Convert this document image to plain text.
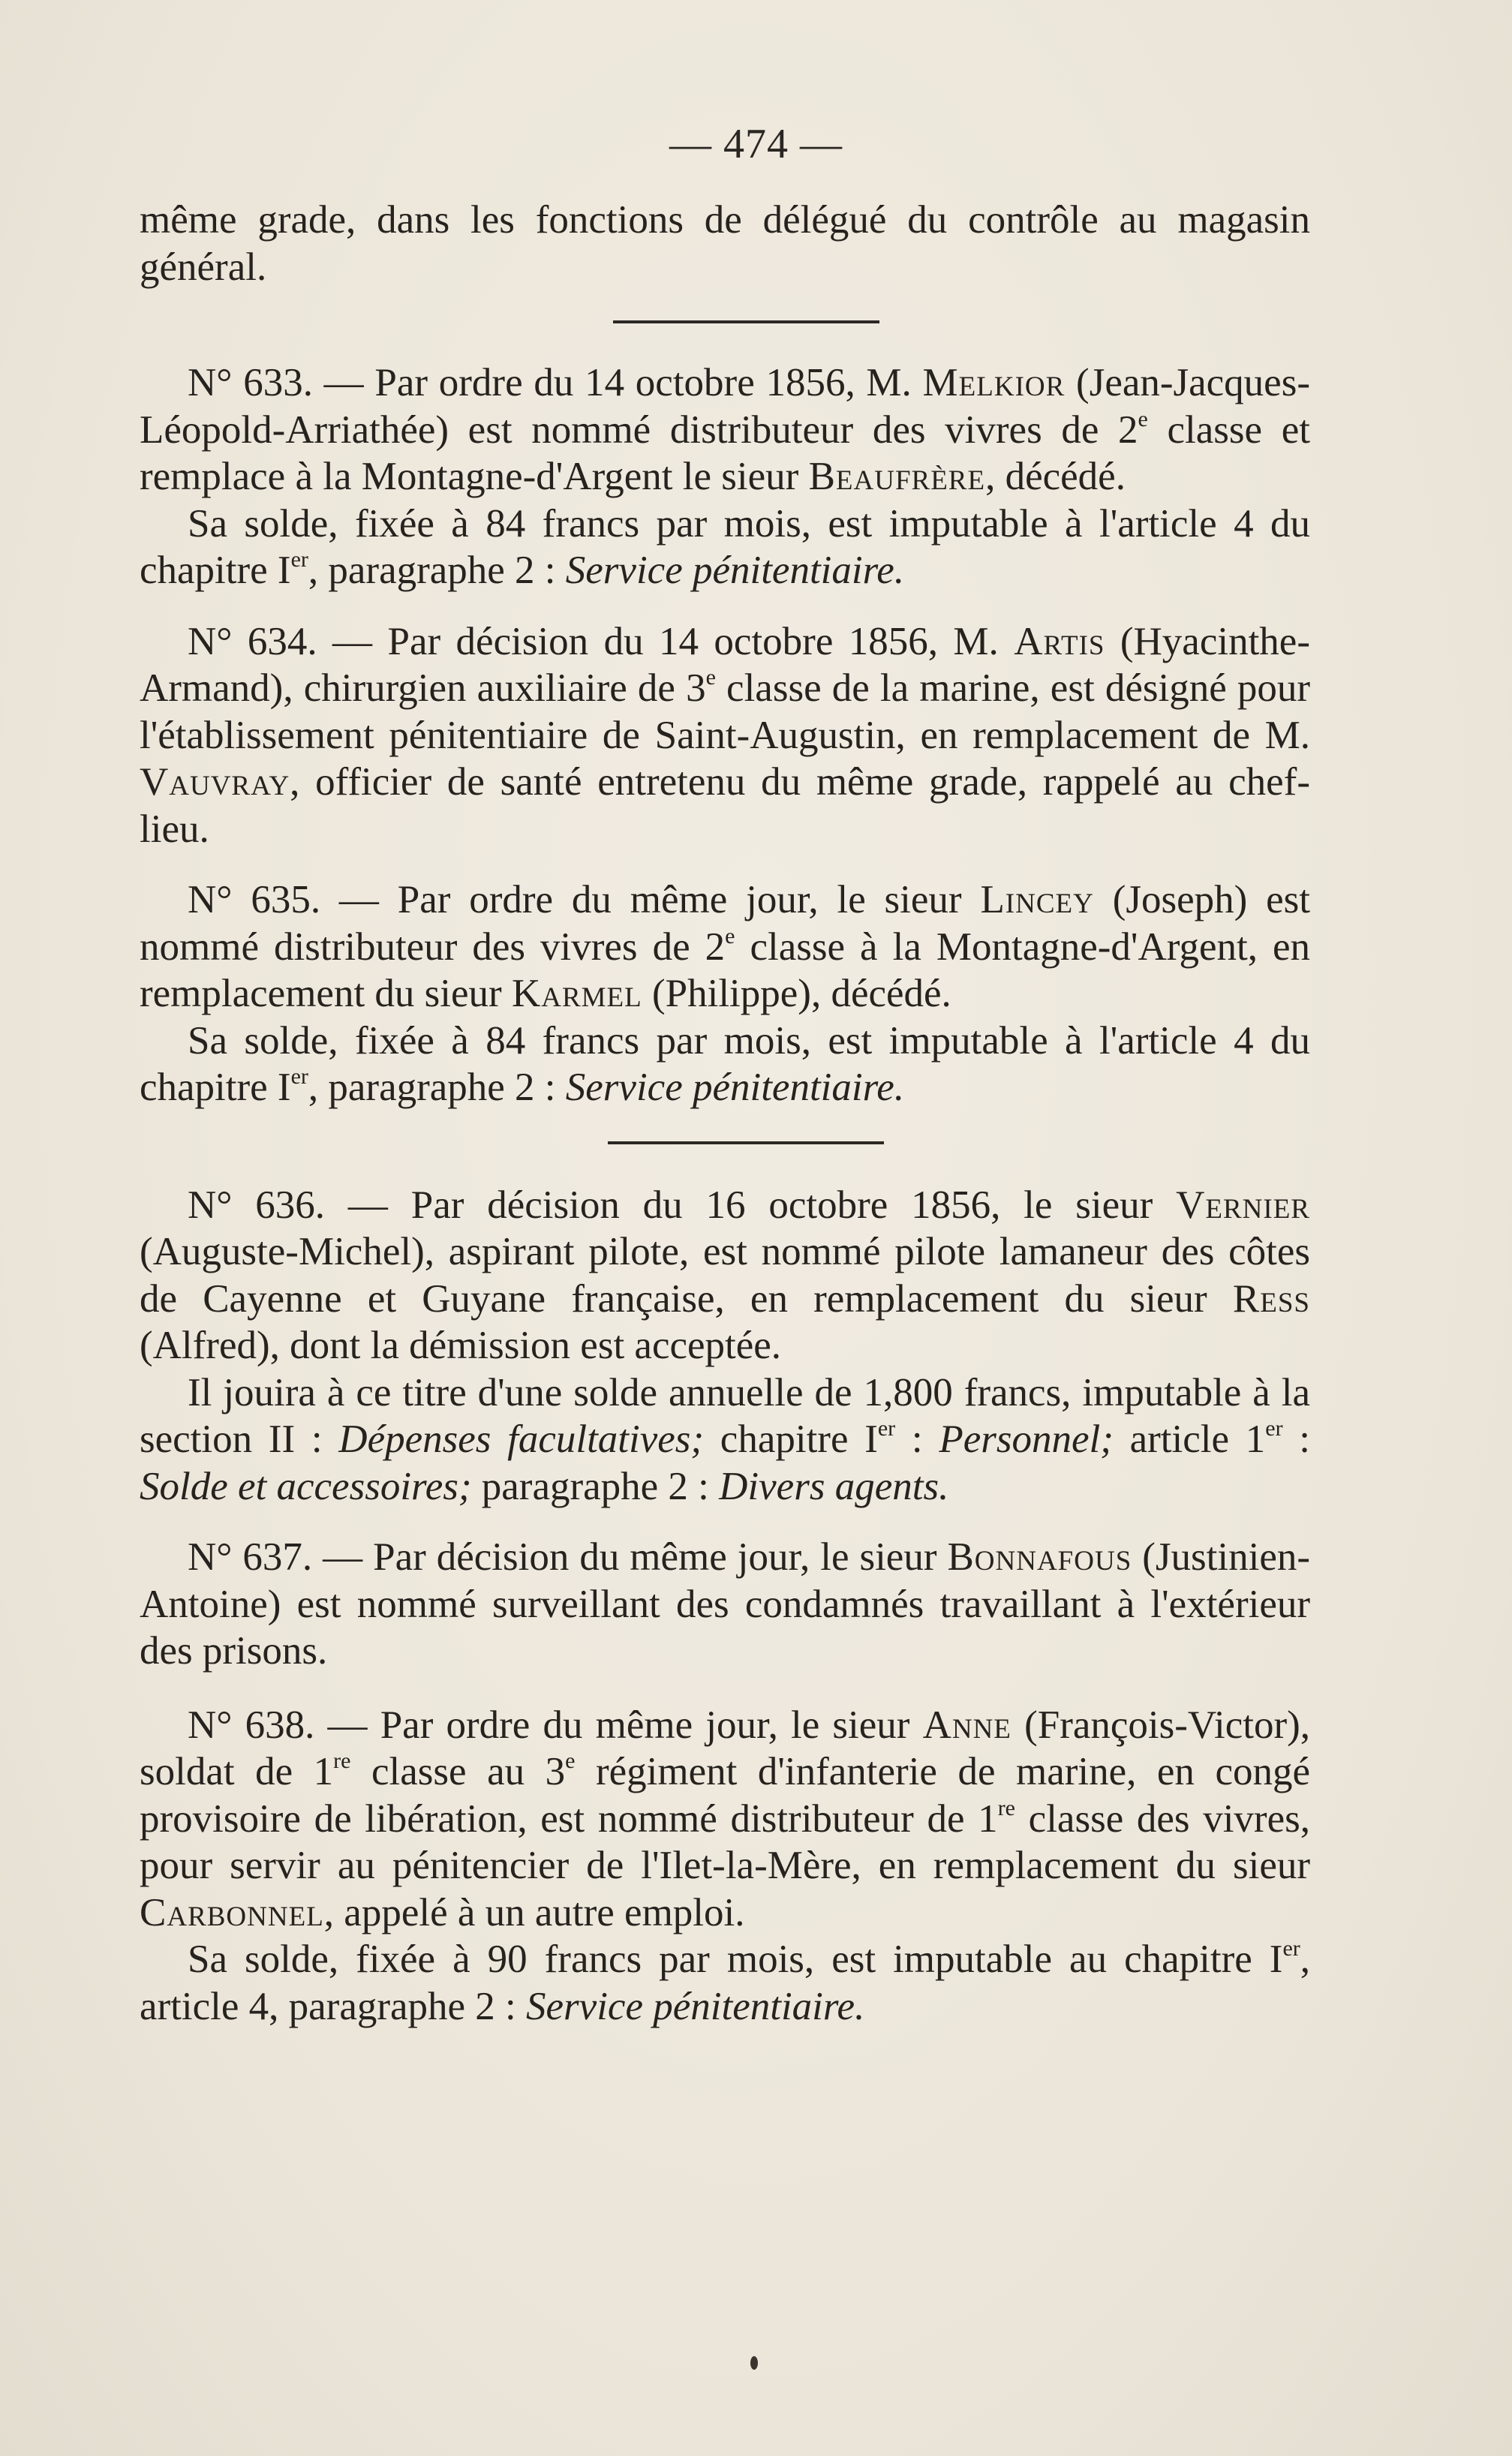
— 474 —

même grade, dans les fonctions de délégué du contrôle au magasin général.

N° 633. — Par ordre du 14 octobre 1856, M. Melkior (Jean-Jacques-Léopold-Arriathée) est nommé distributeur des vivres de 2e classe et remplace à la Montagne-d'Argent le sieur Beaufrère, décédé.

Sa solde, fixée à 84 francs par mois, est imputable à l'article 4 du chapitre Ier, paragraphe 2 : Service pénitentiaire.

N° 634. — Par décision du 14 octobre 1856, M. Artis (Hyacinthe-Armand), chirurgien auxiliaire de 3e classe de la marine, est désigné pour l'établissement pénitentiaire de Saint-Augustin, en remplacement de M. Vauvray, officier de santé entretenu du même grade, rappelé au chef-lieu.

N° 635. — Par ordre du même jour, le sieur Lincey (Joseph) est nommé distributeur des vivres de 2e classe à la Montagne-d'Argent, en remplacement du sieur Karmel (Philippe), décédé.

Sa solde, fixée à 84 francs par mois, est imputable à l'article 4 du chapitre Ier, paragraphe 2 : Service pénitentiaire.

N° 636. — Par décision du 16 octobre 1856, le sieur Vernier (Auguste-Michel), aspirant pilote, est nommé pilote lamaneur des côtes de Cayenne et Guyane française, en remplacement du sieur Ress (Alfred), dont la démission est acceptée.

Il jouira à ce titre d'une solde annuelle de 1,800 francs, imputable à la section II : Dépenses facultatives; chapitre Ier : Personnel; article 1er : Solde et accessoires; paragraphe 2 : Divers agents.

N° 637. — Par décision du même jour, le sieur Bonnafous (Justinien-Antoine) est nommé surveillant des condamnés travaillant à l'extérieur des prisons.

N° 638. — Par ordre du même jour, le sieur Anne (François-Victor), soldat de 1re classe au 3e régiment d'infanterie de marine, en congé provisoire de libération, est nommé distributeur de 1re classe des vivres, pour servir au pénitencier de l'Ilet-la-Mère, en remplacement du sieur Carbonnel, appelé à un autre emploi.

Sa solde, fixée à 90 francs par mois, est imputable au chapitre Ier, article 4, paragraphe 2 : Service pénitentiaire.
